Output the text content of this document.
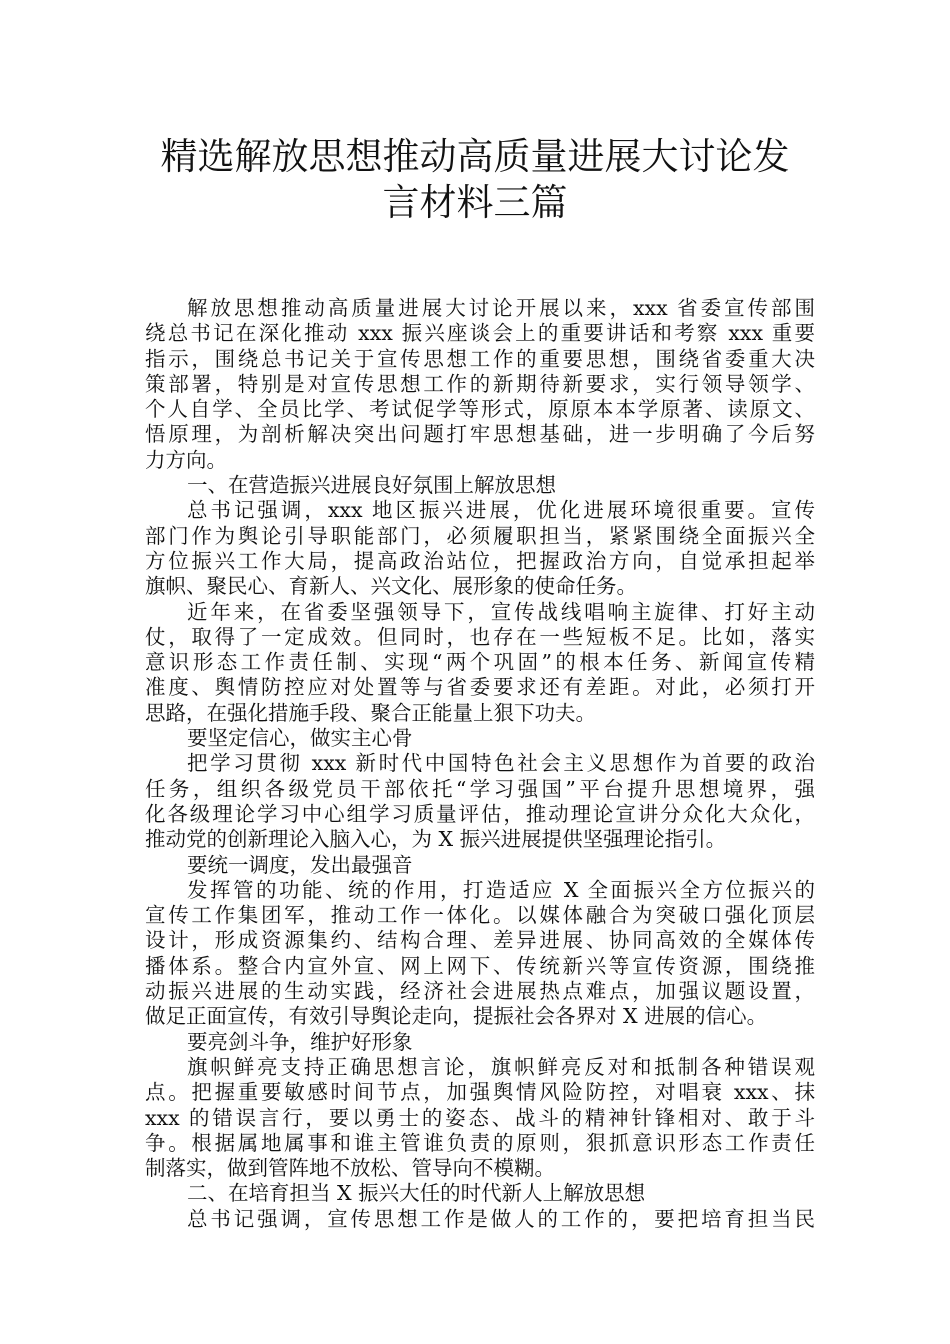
精选解放思想推动高质量进展大讨论发
言材料三篇
解放思想推动高质量进展大讨论开展以来，xxx 省委宣传部围
绕总书记在深化推动 xxx 振兴座谈会上的重要讲话和考察 xxx 重要
指示，围绕总书记关于宣传思想工作的重要思想，围绕省委重大决
策部署，特别是对宣传思想工作的新期待新要求，实行领导领学、
个人自学、全员比学、考试促学等形式，原原本本学原著、读原文、
悟原理，为剖析解决突出问题打牢思想基础，进一步明确了今后努
力方向。
一、在营造振兴进展良好氛围上解放思想
总书记强调，xxx 地区振兴进展，优化进展环境很重要。宣传
部门作为舆论引导职能部门，必须履职担当，紧紧围绕全面振兴全
方位振兴工作大局，提高政治站位，把握政治方向，自觉承担起举
旗帜、聚民心、育新人、兴文化、展形象的使命任务。
近年来，在省委坚强领导下，宣传战线唱响主旋律、打好主动
仗，取得了一定成效。但同时，也存在一些短板不足。比如，落实
意识形态工作责任制、实现“两个巩固”的根本任务、新闻宣传精
准度、舆情防控应对处置等与省委要求还有差距。对此，必须打开
思路，在强化措施手段、聚合正能量上狠下功夫。
要坚定信心，做实主心骨
把学习贯彻 xxx 新时代中国特色社会主义思想作为首要的政治
任务，组织各级党员干部依托“学习强国”平台提升思想境界，强
化各级理论学习中心组学习质量评估，推动理论宣讲分众化大众化，
推动党的创新理论入脑入心，为 X 振兴进展提供坚强理论指引。
要统一调度，发出最强音
发挥管的功能、统的作用，打造适应 X 全面振兴全方位振兴的
宣传工作集团军，推动工作一体化。以媒体融合为突破口强化顶层
设计，形成资源集约、结构合理、差异进展、协同高效的全媒体传
播体系。整合内宣外宣、网上网下、传统新兴等宣传资源，围绕推
动振兴进展的生动实践，经济社会进展热点难点，加强议题设置，
做足正面宣传，有效引导舆论走向，提振社会各界对 X 进展的信心。
要亮剑斗争，维护好形象
旗帜鲜亮支持正确思想言论，旗帜鲜亮反对和抵制各种错误观
点。把握重要敏感时间节点，加强舆情风险防控，对唱衰 xxx、抹
xxx 的错误言行，要以勇士的姿态、战斗的精神针锋相对、敢于斗
争。根据属地属事和谁主管谁负责的原则，狠抓意识形态工作责任
制落实，做到管阵地不放松、管导向不模糊。
二、在培育担当 X 振兴大任的时代新人上解放思想
总书记强调，宣传思想工作是做人的工作的，要把培育担当民
